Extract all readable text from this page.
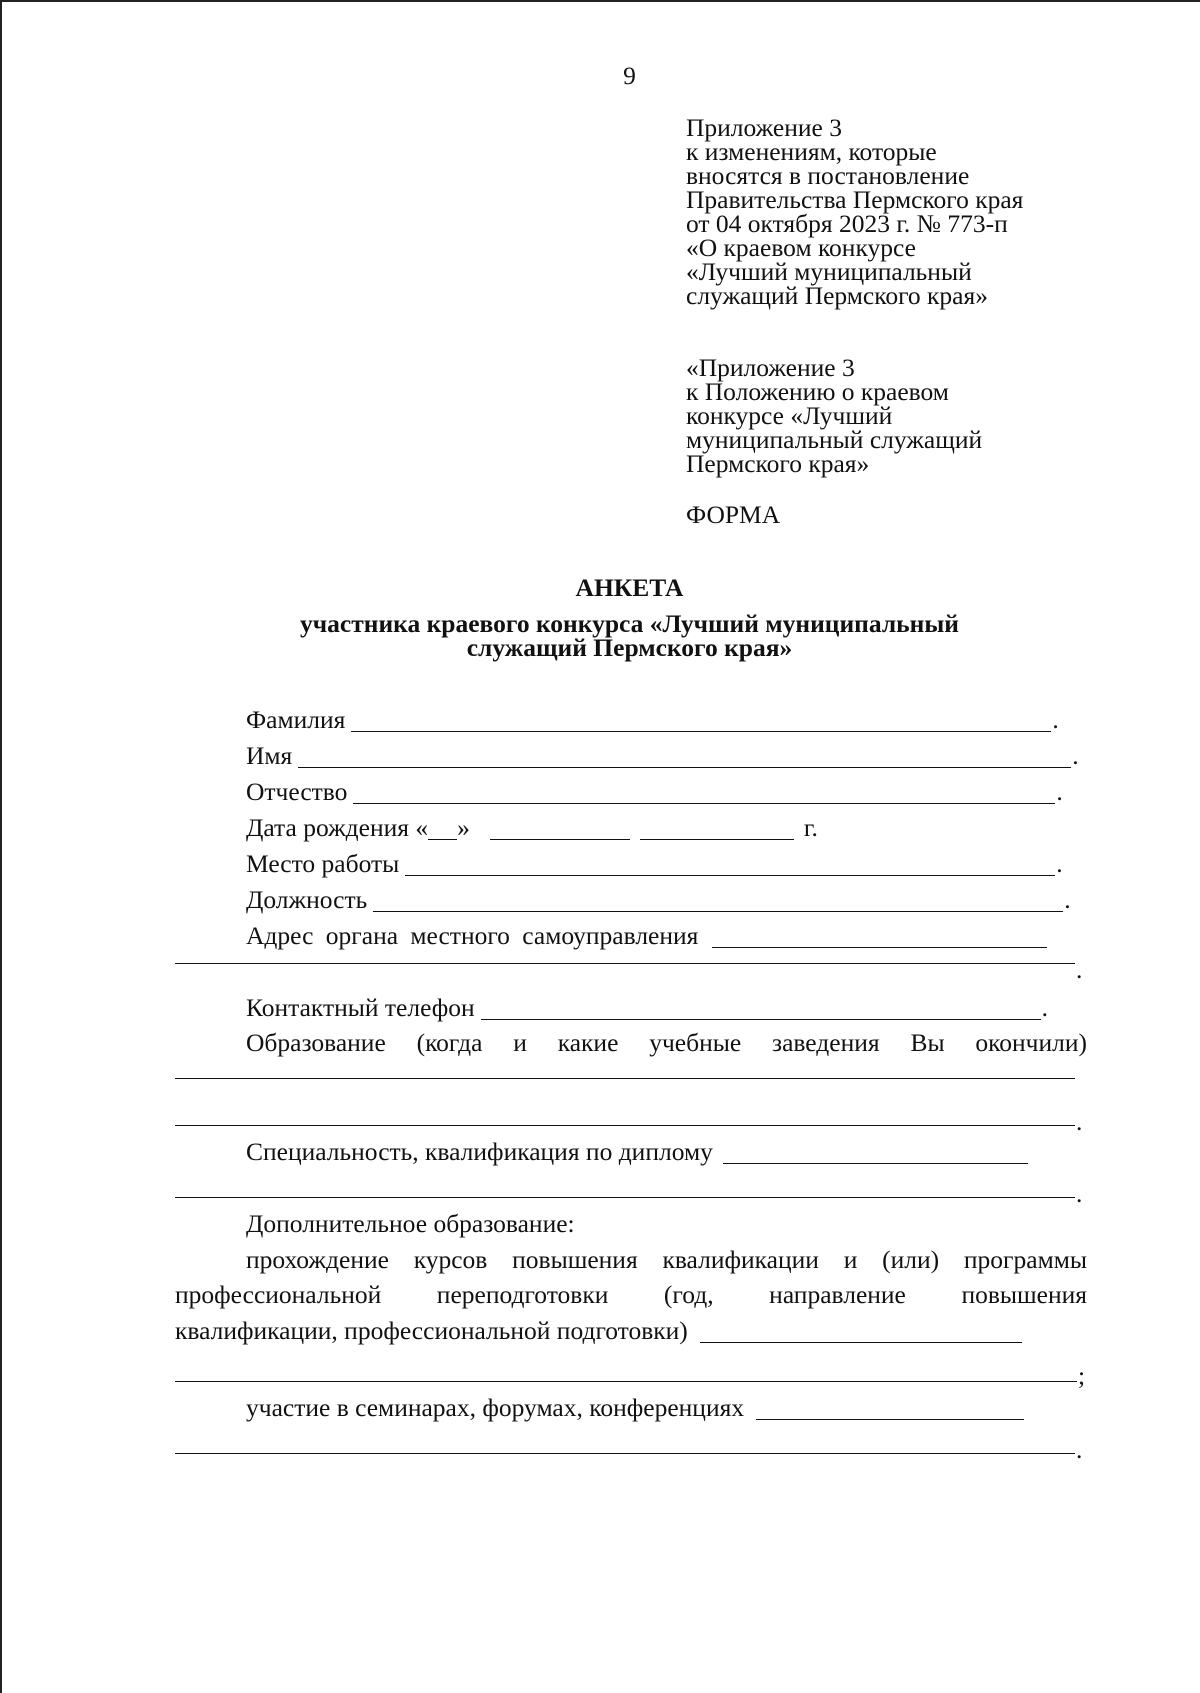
9
Приложение 3
к изменениям, которые
вносятся в постановление
Правительства Пермского края
от 04 октября 2023 г. № 773-п
«О краевом конкурсе
«Лучший муниципальный
служащий Пермского края»
«Приложение 3
к Положению о краевом
конкурсе «Лучший
муниципальный служащий
Пермского края»
ФОРМА
АНКЕТА
участника краевого конкурса «Лучший муниципальный
служащий Пермского края»
Фамилия	.
Имя	.
Отчество	.
Дата рождения « »	г.
Место работы	.
Должность	.
Адрес органа местного самоуправления
.
Контактный телефон	.
Образование (когда и какие учебные заведения Вы окончили)
.
Специальность, квалификация по диплому
.
Дополнительное образование:
прохождение курсов повышения квалификации и (или) программы
профессиональной переподготовки (год, направление повышения
квалификации, профессиональной подготовки)
;
участие в семинарах, форумах, конференциях
.
